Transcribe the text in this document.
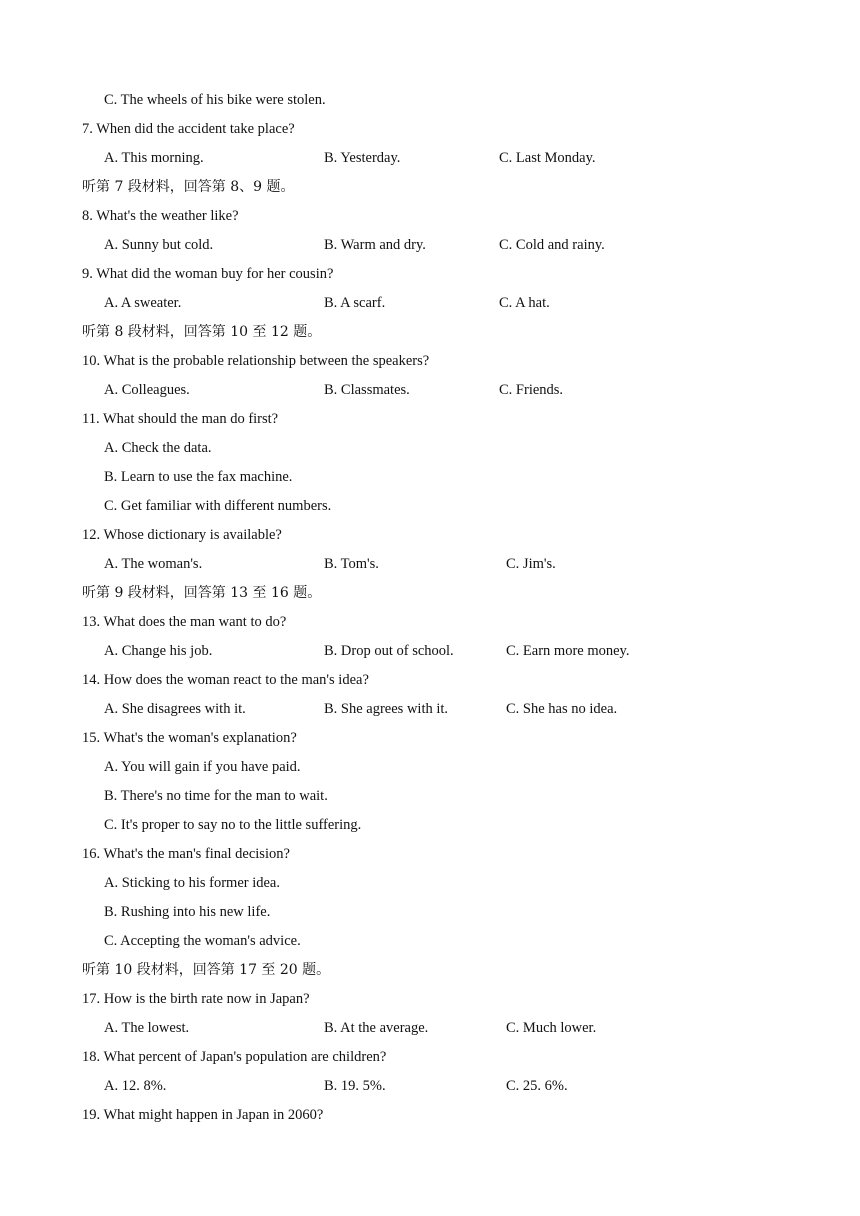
C. The wheels of his bike were stolen.
7. When did the accident take place?
A. This morning.	B. Yesterday.	C. Last Monday.
听第 7 段材料，回答第 8、9 题。
8. What's the weather like?
A. Sunny but cold.	B. Warm and dry.	C. Cold and rainy.
9. What did the woman buy for her cousin?
A. A sweater.	B. A scarf.	C. A hat.
听第 8 段材料，回答第 10 至 12 题。
10. What is the probable relationship between the speakers?
A. Colleagues.	B. Classmates.	C. Friends.
11. What should the man do first?
A. Check the data.
B. Learn to use the fax machine.
C. Get familiar with different numbers.
12. Whose dictionary is available?
A. The woman's.	B. Tom's.	C. Jim's.
听第 9 段材料，回答第 13 至 16 题。
13. What does the man want to do?
A. Change his job.	B. Drop out of school.	C. Earn more money.
14. How does the woman react to the man's idea?
A. She disagrees with it.	B. She agrees with it.	C. She has no idea.
15. What's the woman's explanation?
A. You will gain if you have paid.
B. There's no time for the man to wait.
C. It's proper to say no to the little suffering.
16. What's the man's final decision?
A. Sticking to his former idea.
B. Rushing into his new life.
C. Accepting the woman's advice.
听第 10 段材料，回答第 17 至 20 题。
17. How is the birth rate now in Japan?
A. The lowest.	B. At the average.	C. Much lower.
18. What percent of Japan's population are children?
A. 12. 8%.	B. 19. 5%.	C. 25. 6%.
19. What might happen in Japan in 2060?
